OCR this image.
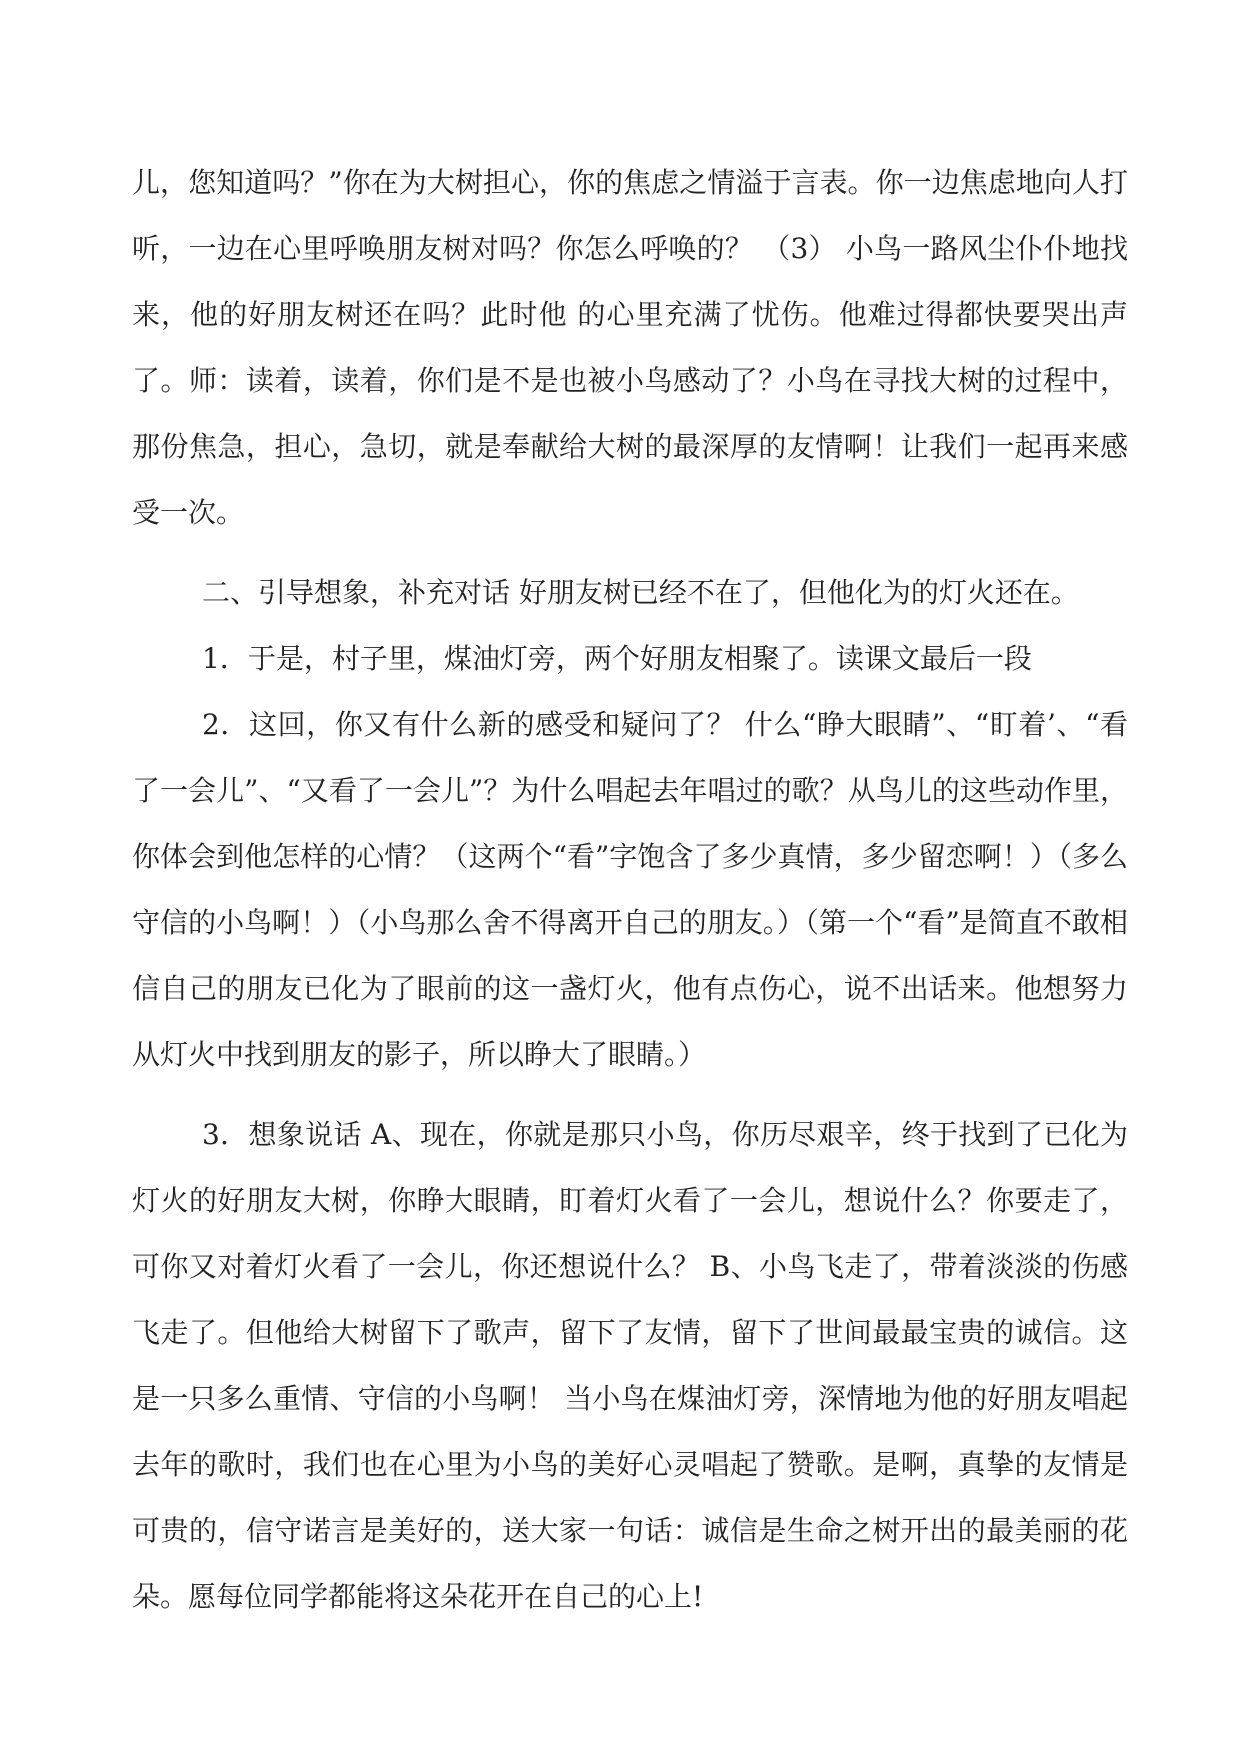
儿，您知道吗？”你在为大树担心，你的焦虑之情溢于言表。你一边焦虑地向人打听，一边在心里呼唤朋友树对吗？你怎么呼唤的？ （3） 小鸟一路风尘仆仆地找来，他的好朋友树还在吗？此时他 的心里充满了忧伤。他难过得都快要哭出声了。师：读着，读着，你们是不是也被小鸟感动了？小鸟在寻找大树的过程中，那份焦急，担心，急切，就是奉献给大树的最深厚的友情啊！让我们一起再来感受一次。

二、引导想象，补充对话 好朋友树已经不在了，但他化为的灯火还在。

1．于是，村子里，煤油灯旁，两个好朋友相聚了。读课文最后一段

2．这回，你又有什么新的感受和疑问了？ 什么“睁大眼睛”、“盯着’、“看了一会儿”、“又看了一会儿”？为什么唱起去年唱过的歌？从鸟儿的这些动作里，你体会到他怎样的心情？（这两个“看”字饱含了多少真情，多少留恋啊！）（多么守信的小鸟啊！）（小鸟那么舍不得离开自己的朋友。）（第一个“看”是简直不敢相信自己的朋友已化为了眼前的这一盏灯火，他有点伤心，说不出话来。他想努力从灯火中找到朋友的影子，所以睁大了眼睛。）

3．想象说话 A、现在，你就是那只小鸟，你历尽艰辛，终于找到了已化为灯火的好朋友大树，你睁大眼睛，盯着灯火看了一会儿，想说什么？你要走了，可你又对着灯火看了一会儿，你还想说什么？ B、小鸟飞走了，带着淡淡的伤感飞走了。但他给大树留下了歌声，留下了友情，留下了世间最最宝贵的诚信。这是一只多么重情、守信的小鸟啊！ 当小鸟在煤油灯旁，深情地为他的好朋友唱起去年的歌时，我们也在心里为小鸟的美好心灵唱起了赞歌。是啊，真挚的友情是可贵的，信守诺言是美好的，送大家一句话：诚信是生命之树开出的最美丽的花朵。愿每位同学都能将这朵花开在自己的心上!
